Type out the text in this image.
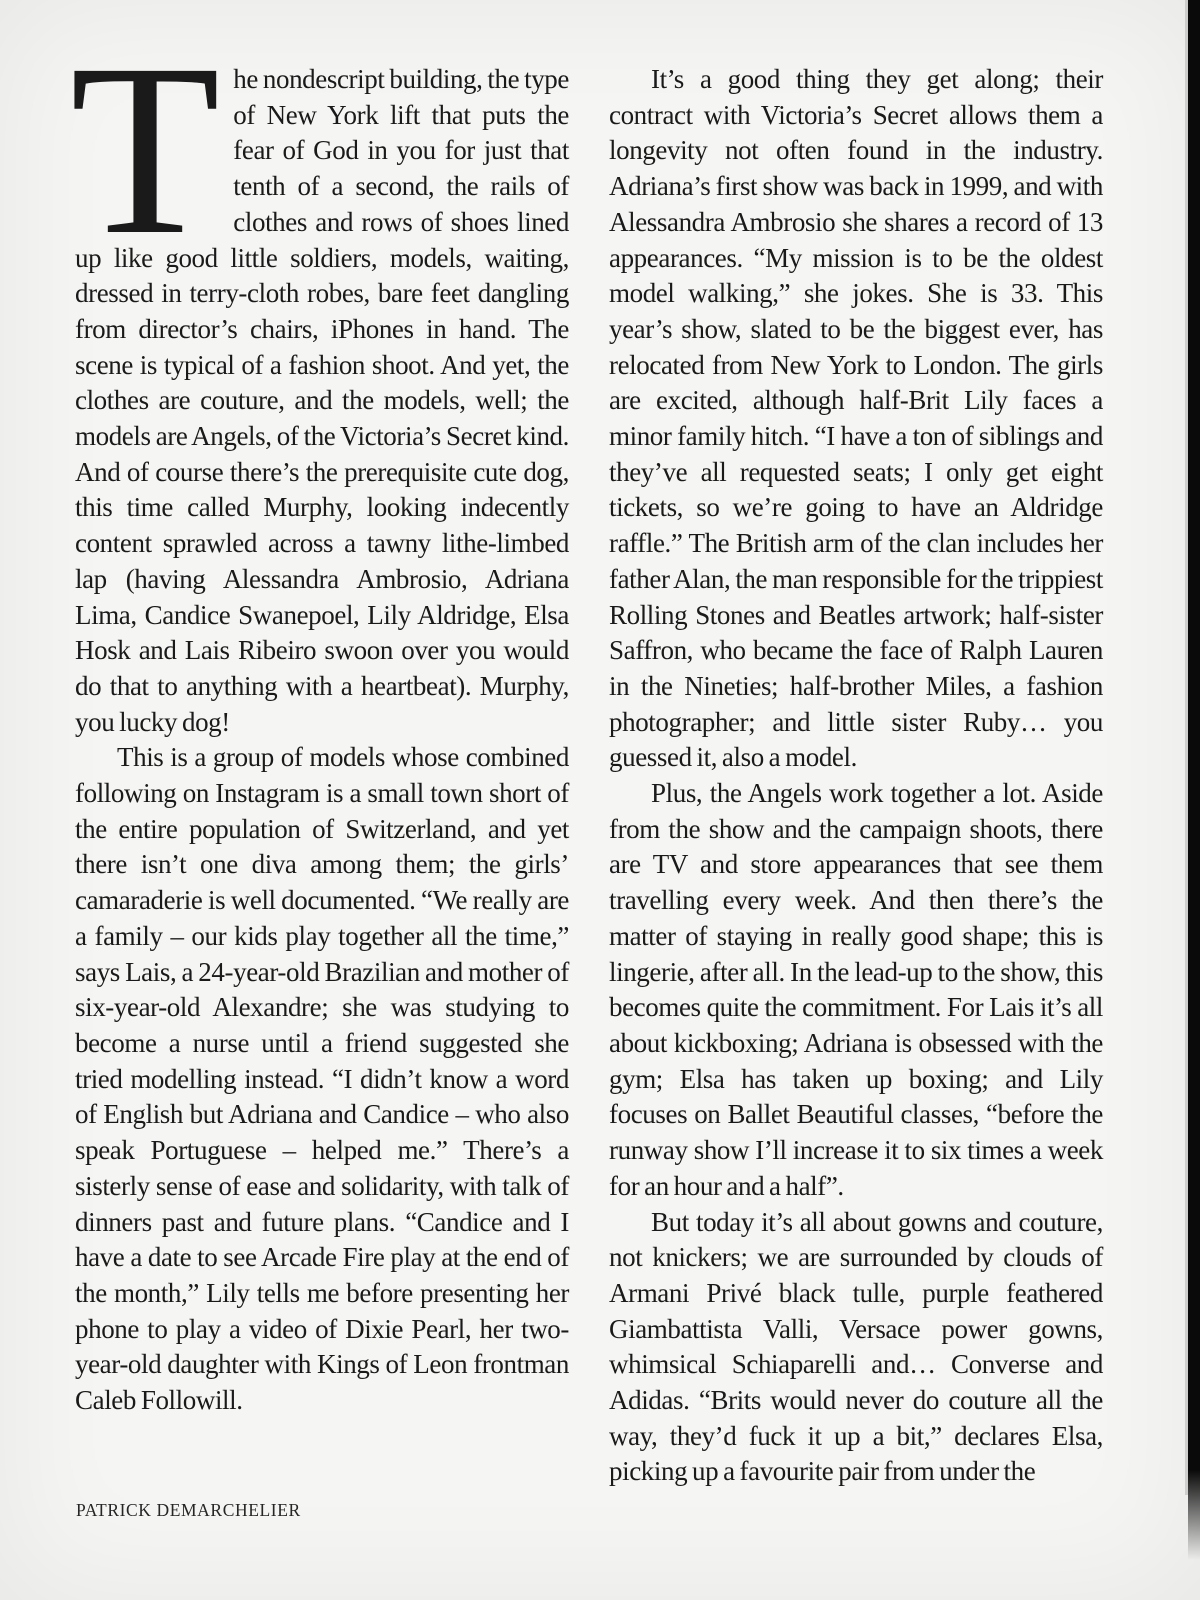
The nondescript building, the type of New York lift that puts the fear of God in you for just that tenth of a second, the rails of clothes and rows of shoes lined up like good little soldiers, models, waiting, dressed in terry-cloth robes, bare feet dangling from director’s chairs, iPhones in hand. The scene is typical of a fashion shoot. And yet, the clothes are couture, and the models, well; the models are Angels, of the Victoria’s Secret kind. And of course there’s the prerequisite cute dog, this time called Murphy, looking indecently content sprawled across a tawny lithe-limbed lap (having Alessandra Ambrosio, Adriana Lima, Candice Swanepoel, Lily Aldridge, Elsa Hosk and Lais Ribeiro swoon over you would do that to anything with a heartbeat). Murphy, you lucky dog!

This is a group of models whose combined following on Instagram is a small town short of the entire population of Switzerland, and yet there isn’t one diva among them; the girls’ camaraderie is well documented. “We really are a family – our kids play together all the time,” says Lais, a 24-year-old Brazilian and mother of six-year-old Alexandre; she was studying to become a nurse until a friend suggested she tried modelling instead. “I didn’t know a word of English but Adriana and Candice – who also speak Portuguese – helped me.” There’s a sisterly sense of ease and solidarity, with talk of dinners past and future plans. “Candice and I have a date to see Arcade Fire play at the end of the month,” Lily tells me before presenting her phone to play a video of Dixie Pearl, her two-year-old daughter with Kings of Leon frontman Caleb Followill.

It’s a good thing they get along; their contract with Victoria’s Secret allows them a longevity not often found in the industry. Adriana’s first show was back in 1999, and with Alessandra Ambrosio she shares a record of 13 appearances. “My mission is to be the oldest model walking,” she jokes. She is 33. This year’s show, slated to be the biggest ever, has relocated from New York to London. The girls are excited, although half-Brit Lily faces a minor family hitch. “I have a ton of siblings and they’ve all requested seats; I only get eight tickets, so we’re going to have an Aldridge raffle.” The British arm of the clan includes her father Alan, the man responsible for the trippiest Rolling Stones and Beatles artwork; half-sister Saffron, who became the face of Ralph Lauren in the Nineties; half-brother Miles, a fashion photographer; and little sister Ruby… you guessed it, also a model.

Plus, the Angels work together a lot. Aside from the show and the campaign shoots, there are TV and store appearances that see them travelling every week. And then there’s the matter of staying in really good shape; this is lingerie, after all. In the lead-up to the show, this becomes quite the commitment. For Lais it’s all about kickboxing; Adriana is obsessed with the gym; Elsa has taken up boxing; and Lily focuses on Ballet Beautiful classes, “before the runway show I’ll increase it to six times a week for an hour and a half”.

But today it’s all about gowns and couture, not knickers; we are surrounded by clouds of Armani Privé black tulle, purple feathered Giambattista Valli, Versace power gowns, whimsical Schiaparelli and… Converse and Adidas. “Brits would never do couture all the way, they’d fuck it up a bit,” declares Elsa, picking up a favourite pair from under the

PATRICK DEMARCHELIER
